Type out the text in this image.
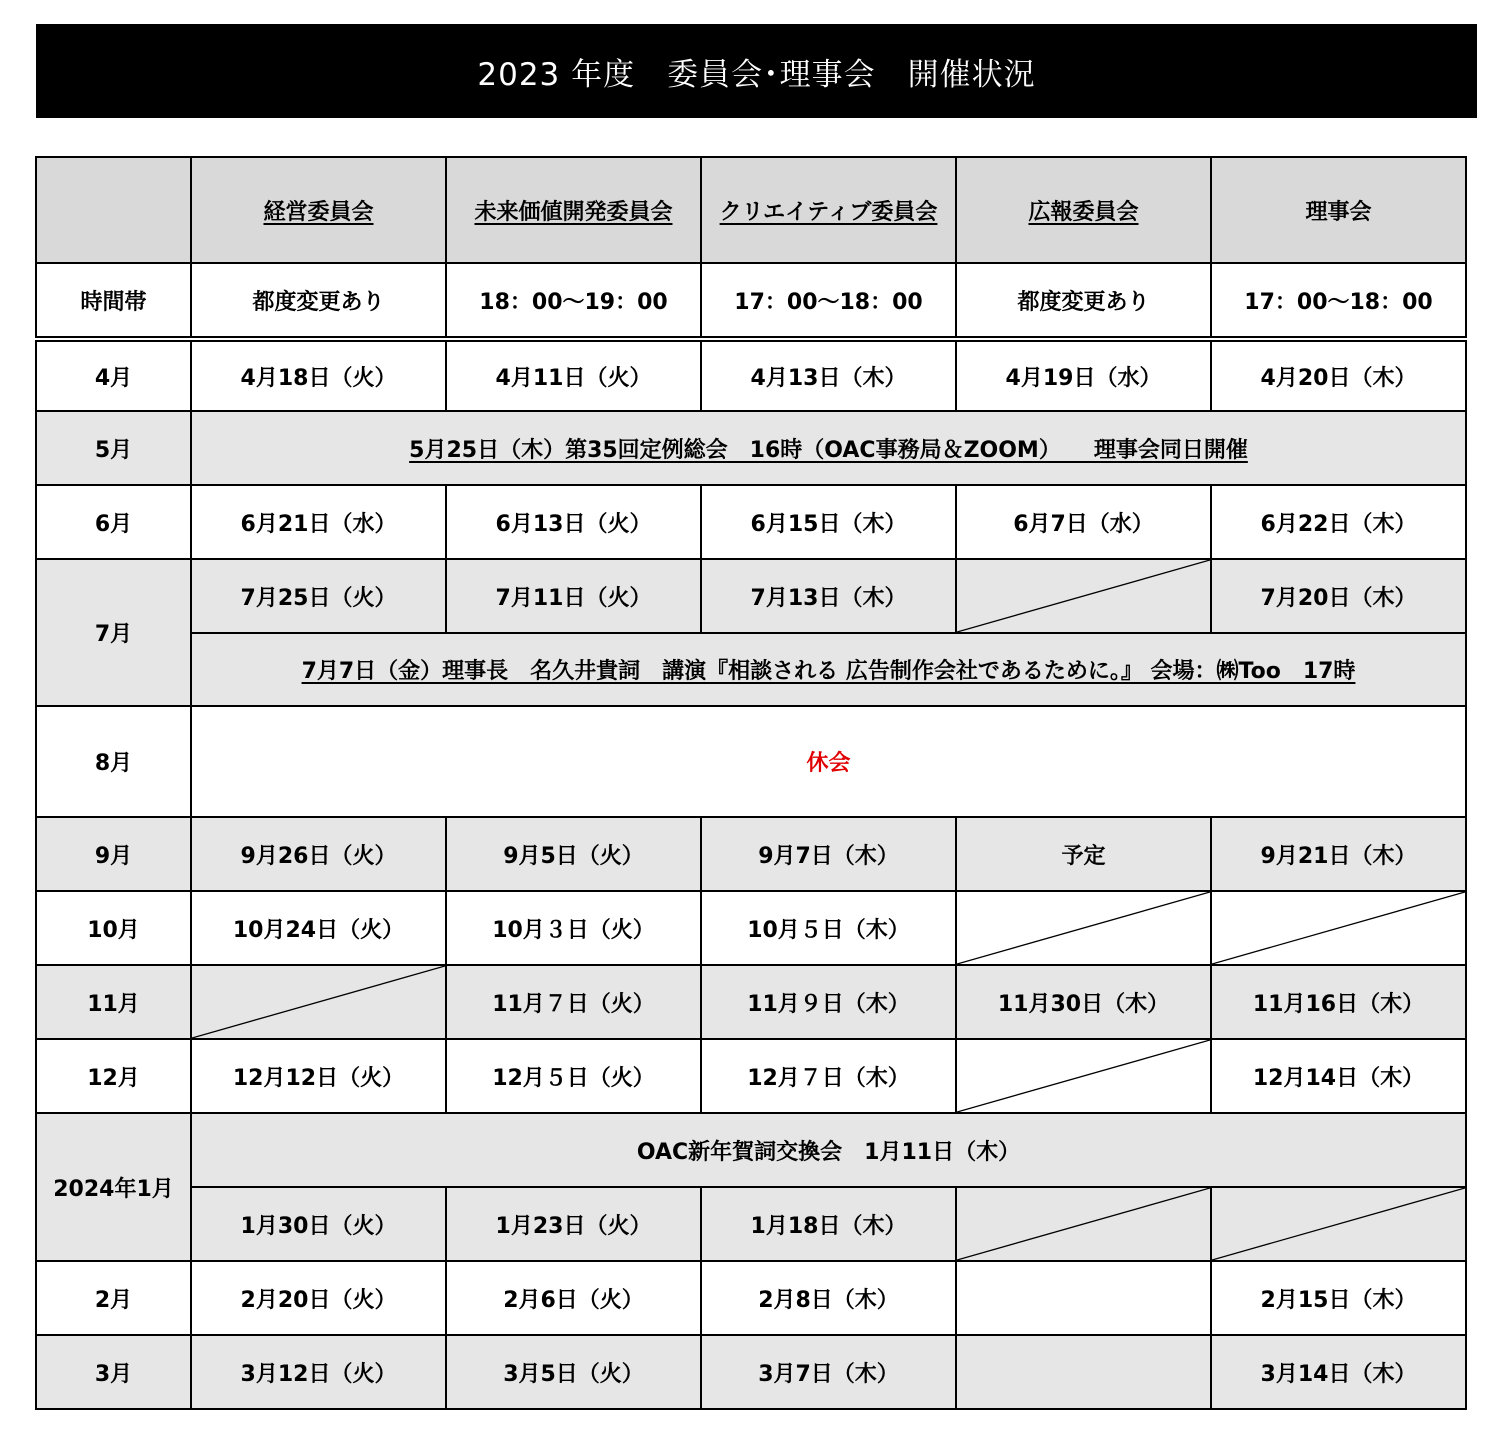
2023 年度　委員会･理事会　開催状況
	経営委員会	未来価値開発委員会	クリエイティブ委員会	広報委員会	理事会
時間帯	都度変更あり	18：00〜19：00	17：00〜18：00	都度変更あり	17：00〜18：00
4月	4月18日（火）	4月11日（火）	4月13日（木）	4月19日（水）	4月20日（木）
5月	5月25日（木）第35回定例総会　16時（OAC事務局＆ZOOM）　　理事会同日開催				
6月	6月21日（水）	6月13日（火）	6月15日（木）	6月7日（水）	6月22日（木）
7月	7月25日（火）	7月11日（火）	7月13日（木）		7月20日（木）
	7月7日（金）理事長　名久井貴詞　講演『相談される 広告制作会社であるために。』 会場：㈱Too　17時				
8月	休会				
9月	9月26日（火）	9月5日（火）	9月7日（木）	予定	9月21日（木）
10月	10月24日（火）	10月３日（火）	10月５日（木）	

11月		11月７日（火）	11月９日（木）	11月30日（木）	11月16日（木）
12月	12月12日（火）	12月５日（火）	12月７日（木）		12月14日（木）
2024年1月	OAC新年賀詞交換会　1月11日（木）				
	1月30日（火）	1月23日（火）	1月18日（木）	

2月	2月20日（火）	2月6日（火）	2月8日（木）		2月15日（木）
3月	3月12日（火）	3月5日（火）	3月7日（木）		3月14日（木）
